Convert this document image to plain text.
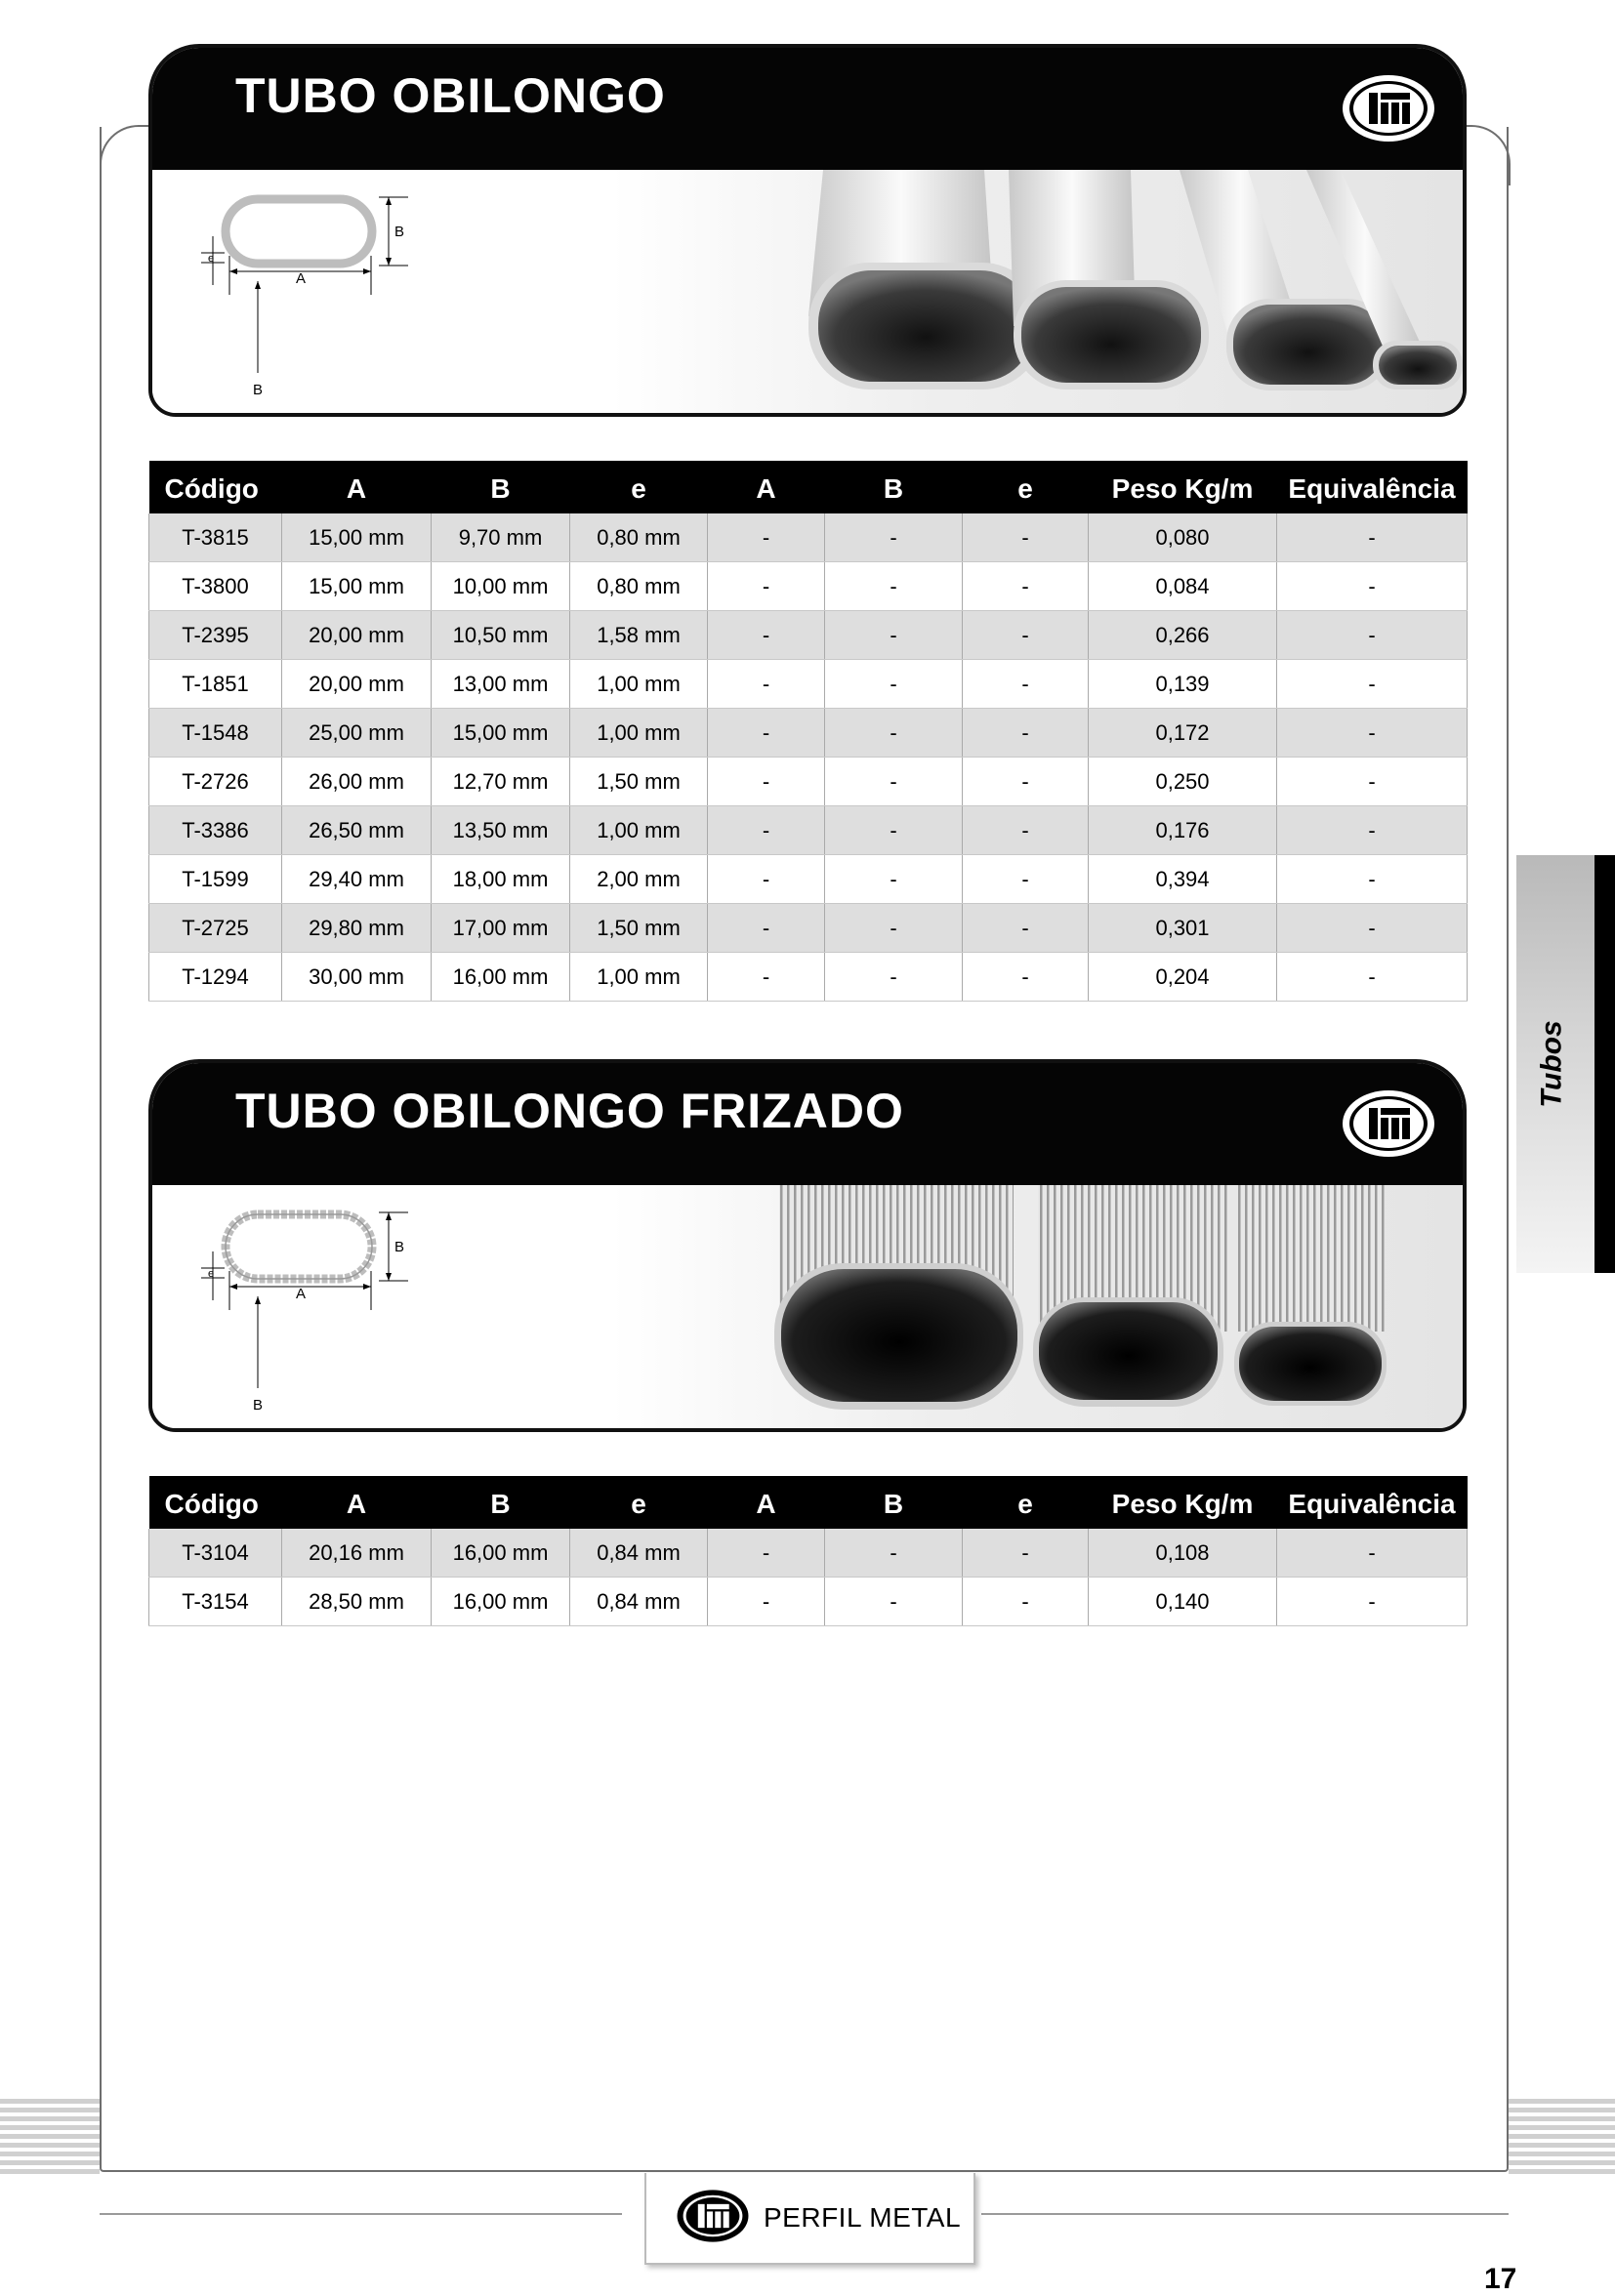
TUBO OBILONGO
B
A
e
B
Código	A	B	e	A	B	e	Peso Kg/m	Equivalência
T-3815	15,00 mm	9,70 mm	0,80 mm	-	-	-	0,080	-
T-3800	15,00 mm	10,00 mm	0,80 mm	-	-	-	0,084	-
T-2395	20,00 mm	10,50 mm	1,58 mm	-	-	-	0,266	-
T-1851	20,00 mm	13,00 mm	1,00 mm	-	-	-	0,139	-
T-1548	25,00 mm	15,00 mm	1,00 mm	-	-	-	0,172	-
T-2726	26,00 mm	12,70 mm	1,50 mm	-	-	-	0,250	-
T-3386	26,50 mm	13,50 mm	1,00 mm	-	-	-	0,176	-
T-1599	29,40 mm	18,00 mm	2,00 mm	-	-	-	0,394	-
T-2725	29,80 mm	17,00 mm	1,50 mm	-	-	-	0,301	-
T-1294	30,00 mm	16,00 mm	1,00 mm	-	-	-	0,204	-
TUBO OBILONGO FRIZADO
B
A
e
B
Código	A	B	e	A	B	e	Peso Kg/m	Equivalência
T-3104	20,16 mm	16,00 mm	0,84 mm	-	-	-	0,108	-
T-3154	28,50 mm	16,00 mm	0,84 mm	-	-	-	0,140	-
Tubos
PERFIL METAL
17
